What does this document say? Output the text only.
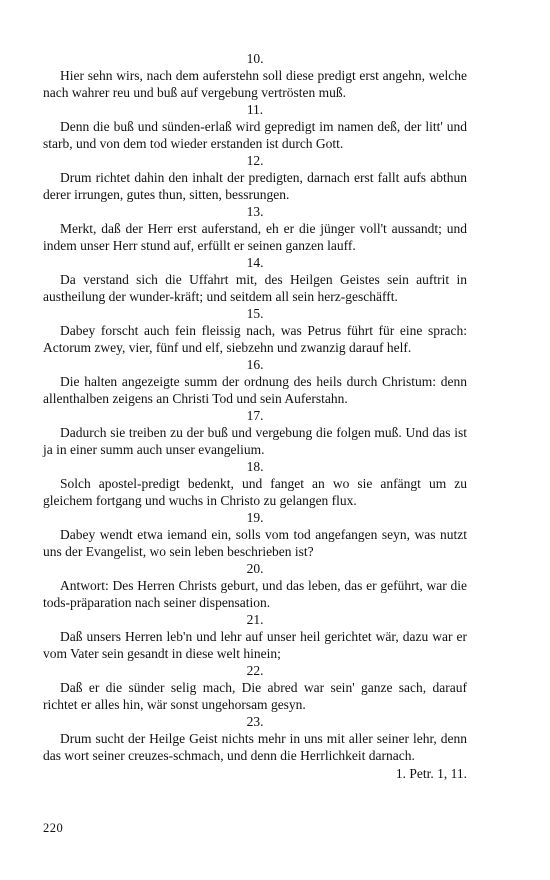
10.

Hier sehn wirs, nach dem auferstehn soll diese predigt erst angehn, welche nach wahrer reu und buß auf vergebung vertrösten muß.

11.

Denn die buß und sünden-erlaß wird gepredigt im namen deß, der litt' und starb, und von dem tod wieder erstanden ist durch Gott.

12.

Drum richtet dahin den inhalt der predigten, darnach erst fallt aufs abthun derer irrungen, gutes thun, sitten, bessrungen.

13.

Merkt, daß der Herr erst auferstand, eh er die jünger voll't aussandt; und indem unser Herr stund auf, erfüllt er seinen ganzen lauff.

14.

Da verstand sich die Uffahrt mit, des Heilgen Geistes sein auftrit in austheilung der wunder-kräft; und seitdem all sein herz-geschäfft.

15.

Dabey forscht auch fein fleissig nach, was Petrus führt für eine sprach: Actorum zwey, vier, fünf und elf, siebzehn und zwanzig darauf helf.

16.

Die halten angezeigte summ der ordnung des heils durch Christum: denn allenthalben zeigens an Christi Tod und sein Auferstahn.

17.

Dadurch sie treiben zu der buß und vergebung die folgen muß. Und das ist ja in einer summ auch unser evangelium.

18.

Solch apostel-predigt bedenkt, und fanget an wo sie anfängt um zu gleichem fortgang und wuchs in Christo zu gelangen flux.

19.

Dabey wendt etwa iemand ein, solls vom tod angefangen seyn, was nutzt uns der Evangelist, wo sein leben beschrieben ist?

20.

Antwort: Des Herren Christs geburt, und das leben, das er geführt, war die tods-präparation nach seiner dispensation.

21.

Daß unsers Herren leb'n und lehr auf unser heil gerichtet wär, dazu war er vom Vater sein gesandt in diese welt hinein;

22.

Daß er die sünder selig mach, Die abred war sein' ganze sach, darauf richtet er alles hin, wär sonst ungehorsam gesyn.

23.

Drum sucht der Heilge Geist nichts mehr in uns mit aller seiner lehr, denn das wort seiner creuzes-schmach, und denn die Herrlichkeit darnach.

1. Petr. 1, 11.
220
